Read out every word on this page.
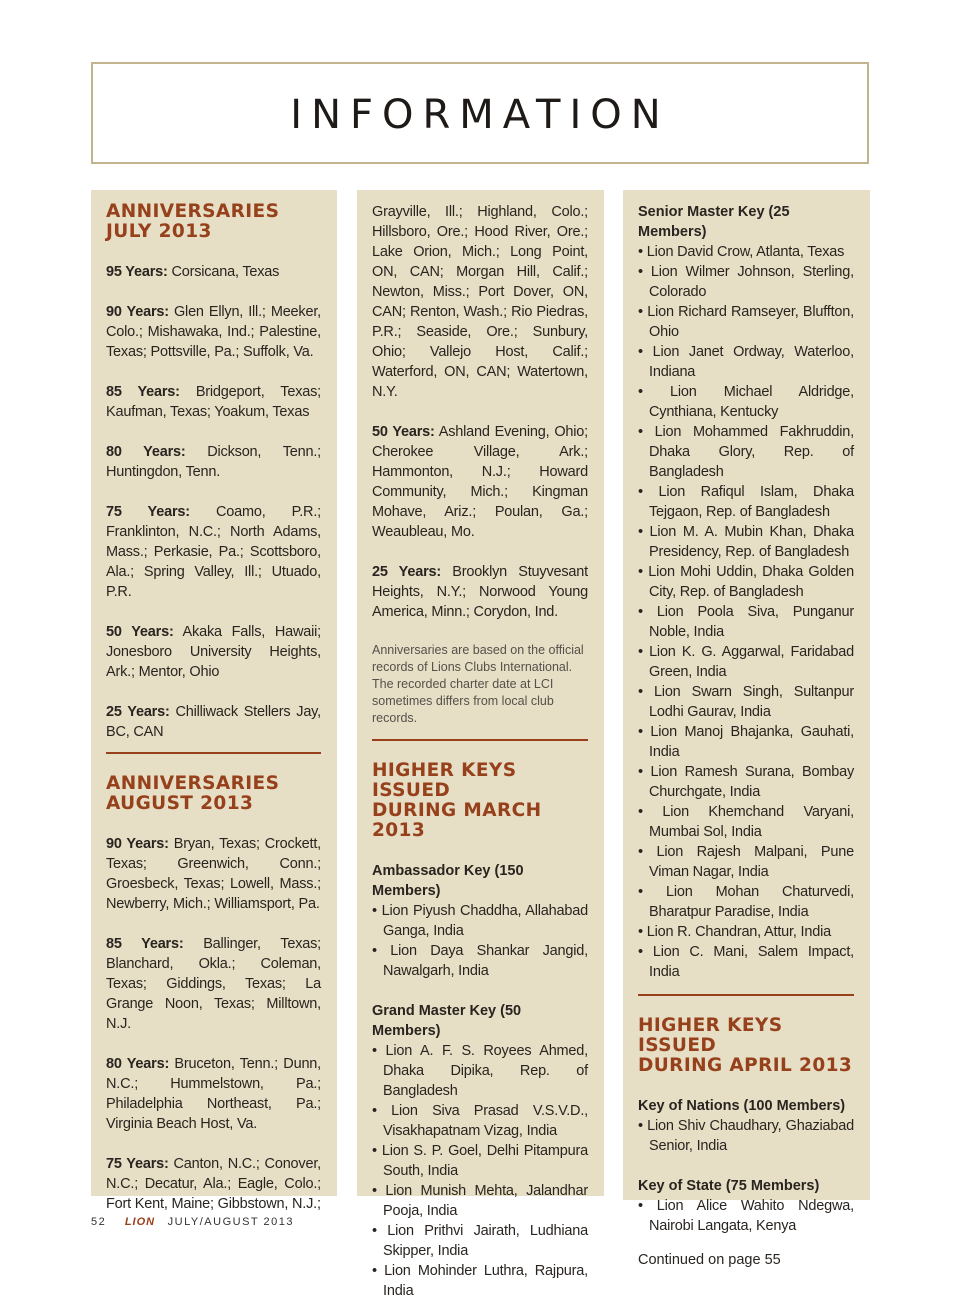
INFORMATION
ANNIVERSARIES
JULY 2013

95 Years: Corsicana, Texas

90 Years: Glen Ellyn, Ill.; Meeker, Colo.; Mishawaka, Ind.; Palestine, Texas; Pottsville, Pa.; Suffolk, Va.

85 Years: Bridgeport, Texas; Kaufman, Texas; Yoakum, Texas

80 Years: Dickson, Tenn.; Huntingdon, Tenn.

75 Years: Coamo, P.R.; Franklinton, N.C.; North Adams, Mass.; Perkasie, Pa.; Scottsboro, Ala.; Spring Valley, Ill.; Utuado, P.R.

50 Years: Akaka Falls, Hawaii; Jonesboro University Heights, Ark.; Mentor, Ohio

25 Years: Chilliwack Stellers Jay, BC, CAN

ANNIVERSARIES
AUGUST 2013

90 Years: Bryan, Texas; Crockett, Texas; Greenwich, Conn.; Groesbeck, Texas; Lowell, Mass.; Newberry, Mich.; Williamsport, Pa.

85 Years: Ballinger, Texas; Blanchard, Okla.; Coleman, Texas; Giddings, Texas; La Grange Noon, Texas; Milltown, N.J.

80 Years: Bruceton, Tenn.; Dunn, N.C.; Hummelstown, Pa.; Philadelphia Northeast, Pa.; Virginia Beach Host, Va.

75 Years: Canton, N.C.; Conover, N.C.; Decatur, Ala.; Eagle, Colo.; Fort Kent, Maine; Gibbstown, N.J.;

Grayville, Ill.; Highland, Colo.; Hillsboro, Ore.; Hood River, Ore.; Lake Orion, Mich.; Long Point, ON, CAN; Morgan Hill, Calif.; Newton, Miss.; Port Dover, ON, CAN; Renton, Wash.; Rio Piedras, P.R.; Seaside, Ore.; Sunbury, Ohio; Vallejo Host, Calif.; Waterford, ON, CAN; Watertown, N.Y.

50 Years: Ashland Evening, Ohio; Cherokee Village, Ark.; Hammonton, N.J.; Howard Community, Mich.; Kingman Mohave, Ariz.; Poulan, Ga.; Weaubleau, Mo.

25 Years: Brooklyn Stuyvesant Heights, N.Y.; Norwood Young America, Minn.; Corydon, Ind.

Anniversaries are based on the official records of Lions Clubs International. The recorded charter date at LCI sometimes differs from local club records.

HIGHER KEYS ISSUED
DURING MARCH 2013

Ambassador Key (150 Members)

• Lion Piyush Chaddha, Allahabad Ganga, India
• Lion Daya Shankar Jangid, Nawalgarh, India

Grand Master Key (50 Members)

• Lion A. F. S. Royees Ahmed, Dhaka Dipika, Rep. of Bangladesh
• Lion Siva Prasad V.S.V.D., Visakhapatnam Vizag, India
• Lion S. P. Goel, Delhi Pitampura South, India
• Lion Munish Mehta, Jalandhar Pooja, India
• Lion Prithvi Jairath, Ludhiana Skipper, India
• Lion Mohinder Luthra, Rajpura, India

Senior Master Key (25 Members)

• Lion David Crow, Atlanta, Texas
• Lion Wilmer Johnson, Sterling, Colorado
• Lion Richard Ramseyer, Bluffton, Ohio
• Lion Janet Ordway, Waterloo, Indiana
• Lion Michael Aldridge, Cynthiana, Kentucky
• Lion Mohammed Fakhruddin, Dhaka Glory, Rep. of Bangladesh
• Lion Rafiqul Islam, Dhaka Tejgaon, Rep. of Bangladesh
• Lion M. A. Mubin Khan, Dhaka Presidency, Rep. of Bangladesh
• Lion Mohi Uddin, Dhaka Golden City, Rep. of Bangladesh
• Lion Poola Siva, Punganur Noble, India
• Lion K. G. Aggarwal, Faridabad Green, India
• Lion Swarn Singh, Sultanpur Lodhi Gaurav, India
• Lion Manoj Bhajanka, Gauhati, India
• Lion Ramesh Surana, Bombay Churchgate, India
• Lion Khemchand Varyani, Mumbai Sol, India
• Lion Rajesh Malpani, Pune Viman Nagar, India
• Lion Mohan Chaturvedi, Bharatpur Paradise, India
• Lion R. Chandran, Attur, India
• Lion C. Mani, Salem Impact, India
HIGHER KEYS ISSUED
DURING APRIL 2013

Key of Nations (100 Members)

• Lion Shiv Chaudhary, Ghaziabad Senior, India

Key of State (75 Members)

• Lion Alice Wahito Ndegwa, Nairobi Langata, Kenya

Continued on page 55

52 LION JULY/AUGUST 2013
